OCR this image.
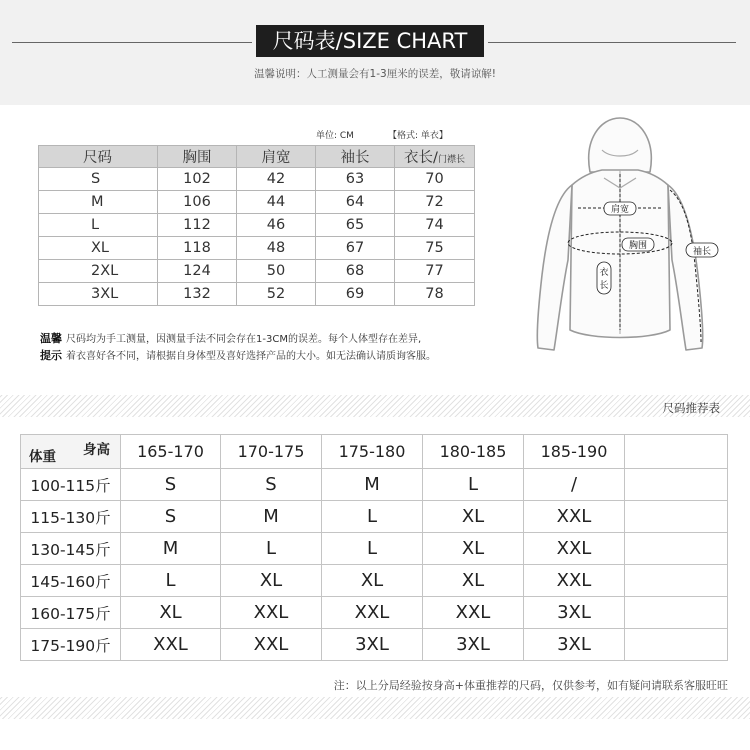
尺码表/SIZE CHART
温馨说明：人工测量会有1-3厘米的误差，敬请谅解!
单位: CM	【格式: 单衣】
尺码	胸围	肩宽	袖长	衣长/门襟长
S	102	42	63	70
M	106	44	64	72
L	112	46	65	74
XL	118	48	67	75
2XL	124	50	68	77
3XL	132	52	69	78
肩宽
胸围
袖长
衣
长
温馨 尺码均为手工测量，因测量手法不同会存在1-3CM的误差。每个人体型存在差异,
提示 着衣喜好各不同，请根据自身体型及喜好选择产品的大小。如无法确认请质询客服。
尺码推荐表
身高
体重	165-170	170-175	175-180	180-185	185-190	
100-115斤	S	S	M	L	/	
115-130斤	S	M	L	XL	XXL	
130-145斤	M	L	L	XL	XXL	
145-160斤	L	XL	XL	XL	XXL	
160-175斤	XL	XXL	XXL	XXL	3XL	
175-190斤	XXL	XXL	3XL	3XL	3XL	
注：以上分局经验按身高+体重推荐的尺码，仅供参考，如有疑问请联系客服旺旺
